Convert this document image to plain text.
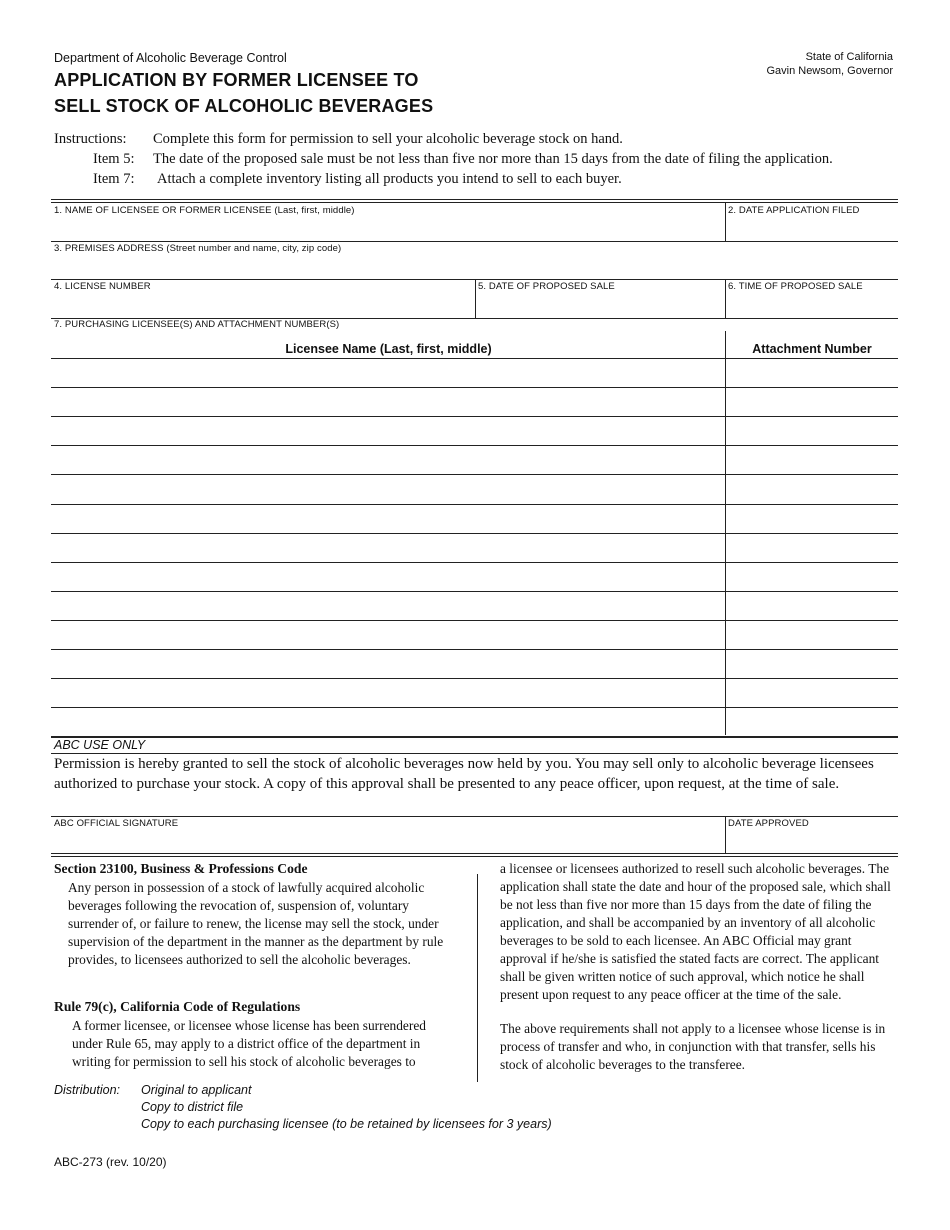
Department of Alcoholic Beverage Control
APPLICATION BY FORMER LICENSEE TO
SELL STOCK OF ALCOHOLIC BEVERAGES
State of California
Gavin Newsom, Governor
Instructions: Complete this form for permission to sell your alcoholic beverage stock on hand.
Item 5: The date of the proposed sale must be not less than five nor more than 15 days from the date of filing the application.
Item 7: Attach a complete inventory listing all products you intend to sell to each buyer.
1. NAME OF LICENSEE OR FORMER LICENSEE (Last, first, middle)	2. DATE APPLICATION FILED
3. PREMISES ADDRESS (Street number and name, city, zip code)
4. LICENSE NUMBER	5. DATE OF PROPOSED SALE	6. TIME OF PROPOSED SALE
7. PURCHASING LICENSEE(S) AND ATTACHMENT NUMBER(S)
Licensee Name (Last, first, middle)	Attachment Number
ABC USE ONLY
Permission is hereby granted to sell the stock of alcoholic beverages now held by you. You may sell only to alcoholic beverage licensees authorized to purchase your stock. A copy of this approval shall be presented to any peace officer, upon request, at the time of sale.
ABC OFFICIAL SIGNATURE	DATE APPROVED
Section 23100, Business & Professions Code
Any person in possession of a stock of lawfully acquired alcoholic beverages following the revocation of, suspension of, voluntary surrender of, or failure to renew, the license may sell the stock, under supervision of the department in the manner as the department by rule provides, to licensees authorized to sell the alcoholic beverages.
Rule 79(c), California Code of Regulations
A former licensee, or licensee whose license has been surrendered under Rule 65, may apply to a district office of the department in writing for permission to sell his stock of alcoholic beverages to
a licensee or licensees authorized to resell such alcoholic beverages. The application shall state the date and hour of the proposed sale, which shall be not less than five nor more than 15 days from the date of filing the application, and shall be accompanied by an inventory of all alcoholic beverages to be sold to each licensee. An ABC Official may grant approval if he/she is satisfied the stated facts are correct. The applicant shall be given written notice of such approval, which notice he shall present upon request to any peace officer at the time of the sale.
The above requirements shall not apply to a licensee whose license is in process of transfer and who, in conjunction with that transfer, sells his stock of alcoholic beverages to the transferee.
Distribution: Original to applicant
Copy to district file
Copy to each purchasing licensee (to be retained by licensees for 3 years)
ABC-273 (rev. 10/20)
